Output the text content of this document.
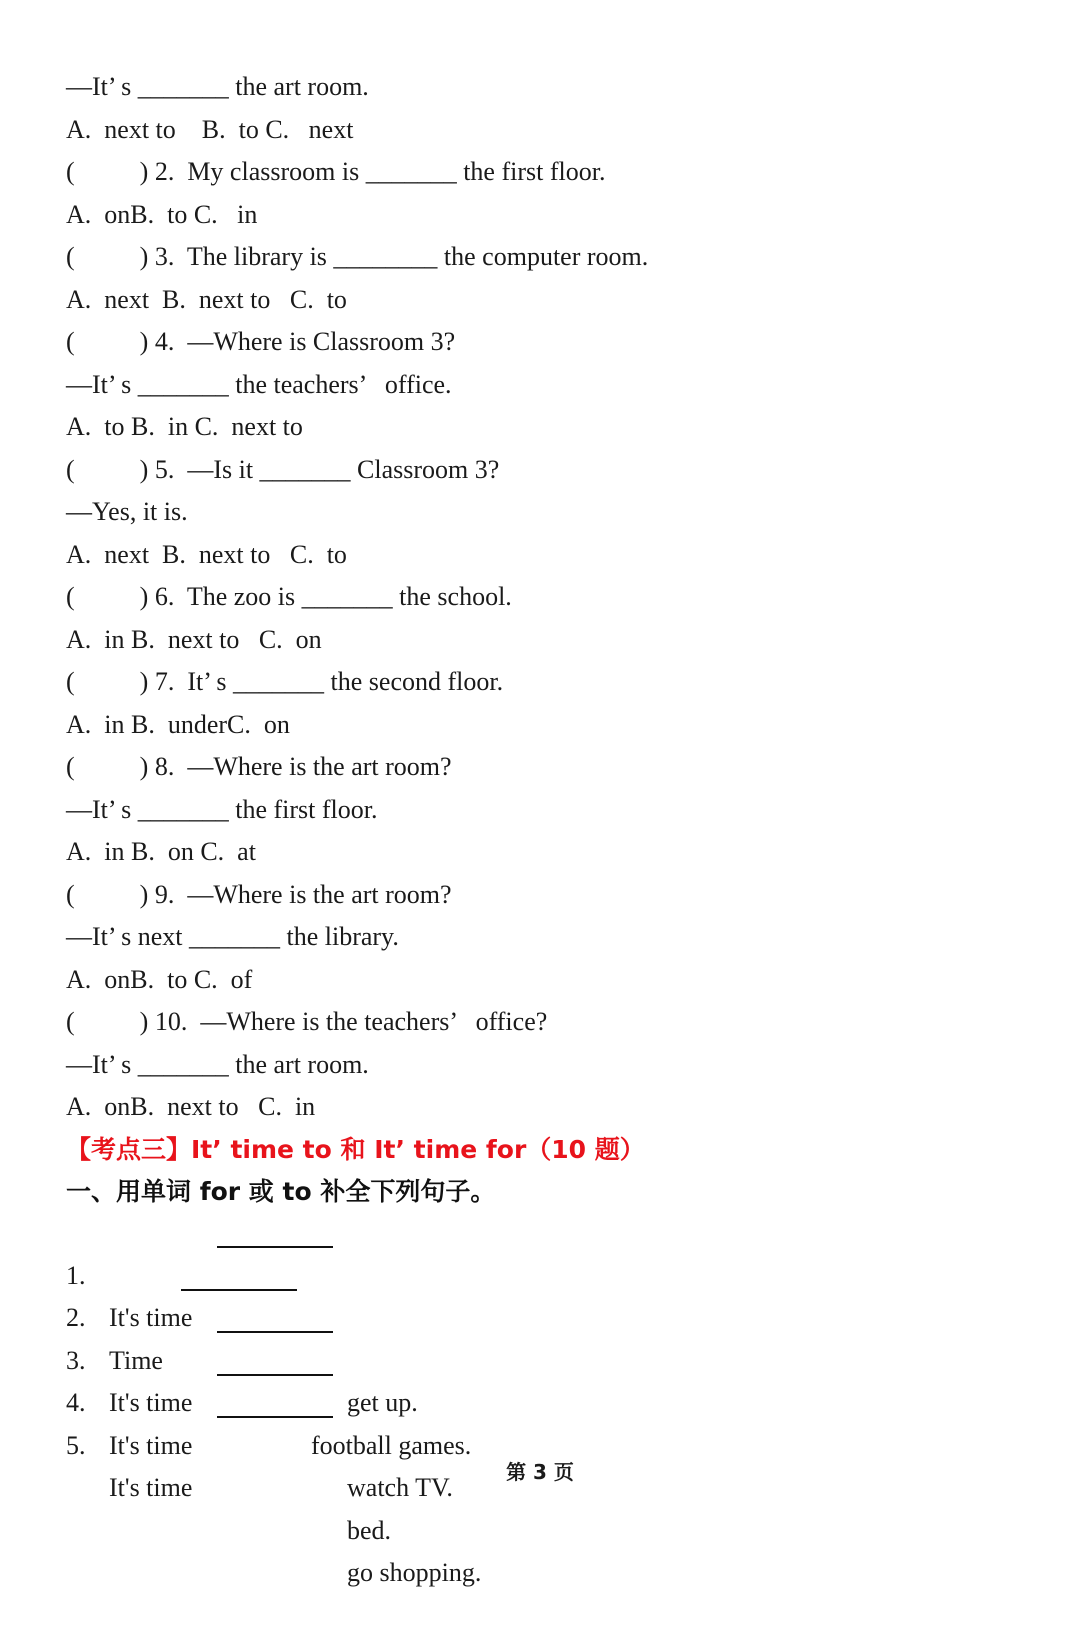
—It’ s _______ the art room.
A.  next to    B.  to C.   next
(          ) 2.  My classroom is _______ the first floor.
A.  onB.  to C.   in
(          ) 3.  The library is ________ the computer room.
A.  next  B.  next to   C.  to
(          ) 4.  —Where is Classroom 3?
—It’ s _______ the teachers’   office.
A.  to B.  in C.  next to
(          ) 5.  —Is it _______ Classroom 3?
—Yes, it is.
A.  next  B.  next to   C.  to
(          ) 6.  The zoo is _______ the school.
A.  in B.  next to   C.  on
(          ) 7.  It’ s _______ the second floor.
A.  in B.  underC.  on
(          ) 8.  —Where is the art room?
—It’ s _______ the first floor.
A.  in B.  on C.  at
(          ) 9.  —Where is the art room?
—It’ s next _______ the library.
A.  onB.  to C.  of
(          ) 10.  —Where is the teachers’   office?
—It’ s _______ the art room.
A.  onB.  next to   C.  in
【考点三】It’ time to 和 It’ time for（10 题）
一、用单词 for 或 to 补全下列句子。

1.

It's time

get up.

2.

Time

football games.

3.

It's time

watch TV.

4.

It's time

bed.

5.

It's time

go shopping.

第 3 页
